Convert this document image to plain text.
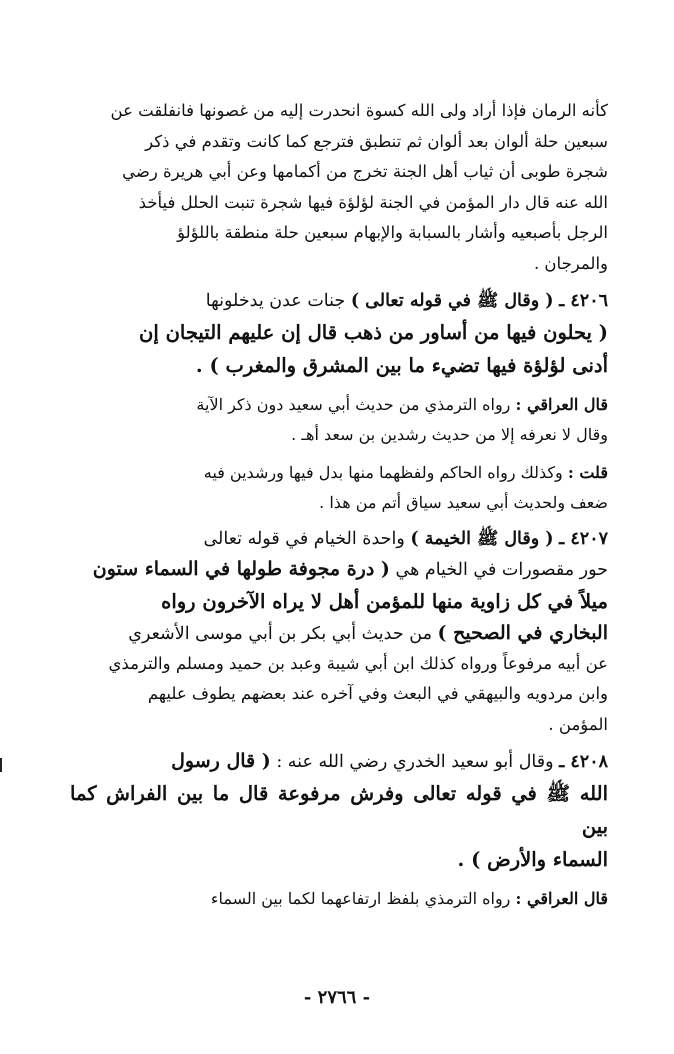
كأنه الرمان فإذا أراد ولى الله كسوة انحدرت إليه من غصونها فانفلقت عن
سبعين حلة ألوان بعد ألوان ثم تنطبق فترجع كما كانت وتقدم في ذكر
شجرة طوبى أن ثياب أهل الجنة تخرج من أكمامها وعن أبي هريرة رضي
الله عنه قال دار المؤمن في الجنة لؤلؤة فيها شجرة تنبت الحلل فيأخذ
الرجل بأصبعيه وأشار بالسبابة والإبهام سبعين حلة منطقة باللؤلؤ
والمرجان .
٤٢٠٦ ـ ( وقال ﷺ في قوله تعالى ) جنات عدن يدخلونها
( يحلون فيها من أساور من ذهب قال إن عليهم التيجان إن
أدنى لؤلؤة فيها تضيء ما بين المشرق والمغرب ) .
قال العراقي : رواه الترمذي من حديث أبي سعيد دون ذكر الآية
وقال لا نعرفه إلا من حديث رشدين بن سعد أهـ .
قلت : وكذلك رواه الحاكم ولفظهما منها بدل فيها ورشدين فيه
ضعف ولحديث أبي سعيد سياق أتم من هذا .
٤٢٠٧ ـ ( وقال ﷺ الخيمة ) واحدة الخيام في قوله تعالى
حور مقصورات في الخيام هي ( درة مجوفة طولها في السماء ستون
ميلاً في كل زاوية منها للمؤمن أهل لا يراه الآخرون رواه
البخاري في الصحيح ) من حديث أبي بكر بن أبي موسى الأشعري
عن أبيه مرفوعاً ورواه كذلك ابن أبي شيبة وعبد بن حميد ومسلم والترمذي
وابن مردويه والبيهقي في البعث وفي آخره عند بعضهم يطوف عليهم
المؤمن .
٤٢٠٨ ـ وقال أبو سعيد الخدري رضي الله عنه : ( قال رسول
الله ﷺ في قوله تعالى وفرش مرفوعة قال ما بين الفراش كما بين
السماء والأرض ) .
قال العراقي : رواه الترمذي بلفظ ارتفاعهما لكما بين السماء
- ٢٧٦٦ -
